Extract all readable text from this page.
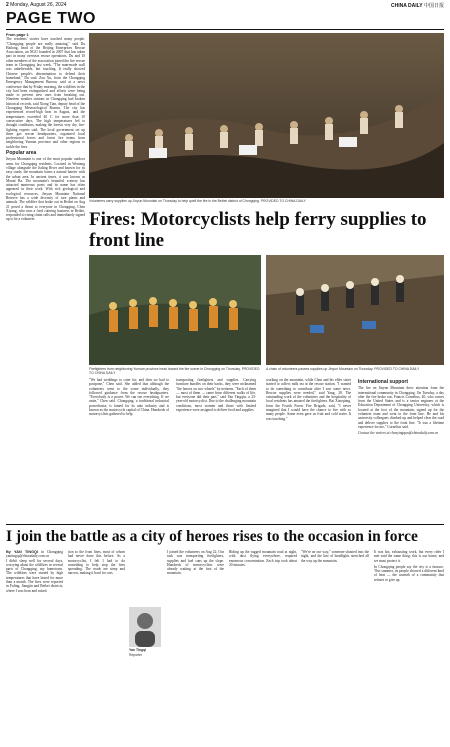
2 Monday, August 26, 2024	CHINA DAILY 中国日报
PAGE TWO
From page 1
The residents' stories have touched many people. "Chongqing people are really amazing," said Du Hailong, head of the Beijing Enterprises Rescue Association, an NGO founded in 2007 that has taken part in many overseas rescue operations. Du and 10 other members of the association joined the fire rescue team in Chongqing last week. "The man-made wall was unbelievable, but touching. It really showed Chinese people's determination to defend their homeland," Du said. Zou Xu, from the Chongqing Emergency Management Bureau, said at a news conference that by Friday morning, the wildfires in the city had been extinguished and efforts were being made to prevent new ones from breaking out. Nineteen weather stations in Chongqing had broken historical records, said Xiong Tian, deputy head of the Chongqing Meteorological Bureau. The city has experienced record-high heat in August, and the temperatures exceeded 40 C for more than 10 consecutive days. The high temperatures led to drought conditions, making the forests very dry, fire-fighting experts said. The local government set up three gas rescue headquarters, organized local professional forces and forest fire teams from neighboring Yunnan province and other regions to tackle the fires.
Popular area
Jinyun Mountain is one of the most popular outdoor areas for Chongqing residents. Located in Wentang village alongside the Jialing River and known for its easy roads, the mountain forms a natural barrier with the urban area. In ancient times, it was known as Mount Ba. The mountain's beautiful scenery has attracted numerous poets and its name has often appeared in their work. With rich geological and ecological resources, Jinyun Mountain National Reserve has a wide diversity of rare plants and animals. The wildfire that broke out in Beibei on Aug 21 posed a threat to everyone in Chongqing. Chen Xiyang, who runs a food catering business in Beibei, responded to rising chain calls and immediately signed up to be a volunteer.
Volunteers carry supplies up Jinyun Mountain on Thursday to help quell the fire in the Beibei district of Chongqing. PROVIDED TO CHINA DAILY
Fires: Motorcyclists help ferry supplies to front line
Firefighters from neighboring Yunnan province head toward the fire scene in Chongqing on Thursday. PROVIDED TO CHINA DAILY
A chain of volunteers passes supplies up Jinyun Mountain on Thursday. PROVIDED TO CHINA DAILY
"We had weddings to cater for, and then we had to postpone," Chen said. She added that although the volunteers went to the scene individually, they followed guidance from the rescue headquarters. "Everybody is a power. We can see everything. If we unite," Chen said. Chongqing, a traditional industrial powerhouse, is famed for its auto industry and is known as the motorcycle capital of China. Hundreds of motorcyclists gathered to help.
transporting firefighters and supplies. Carrying furniture bundles on their backs, they were nicknamed "the heroes on two wheels" by netizens. "Each of them — most of them — came from different walks of life, but everyone did their part," said Yan Tingqin, a 23-year-old motorcyclist. Due to the challenging mountain conditions, most women and those with limited experience were assigned to deliver food and supplies.
working on the mountain, while Chen and his elder sister started to collect milk tea at the rescue station. "I wanted to do something to contribute after I saw some news. Rescue supplies were needed," said Yang, 28. The outstanding work of the volunteers and the hospitality of local residents has amazed the firefighters. Bai Xiaoqiang, from the Fourth Forest Fire Brigade, said, "I never imagined that I would have the chance to live with so many people. Some even gave us fruit and cold water. It was touching."
International support
The fire on Jinyun Mountain drew attention from the international community in Chongqing. On Tuesday, a day after the fire broke out, Francis Cornelius, 40, who comes from the United States and is a senior engineer at the Education Department of Chongqing University, which is located at the foot of the mountain, signed up for the volunteer team and went to the front line. He and his university colleagues climbed up and helped clear the road and deliver supplies to the front line. "It was a lifetime experience for me," Cornelius said.
Contact the writers at chenyingqun@chinadaily.com.cn
I join the battle as a city of heroes rises to the occasion in force
By YAN TINGQI in Chongqing yantingqi@chinadaily.com.cn
I didn't sleep well for several days, worrying about the wildfires in several parts of Chongqing, my hometown. The wildfires were started by high temperatures that have lasted for more than a month. The fires were reported in Fuling, Jiangjin and Beibei districts, where I was born and raised.
tion to the front lines, most of whom had never done this before. As a motorcyclist, I felt I had to do something to help stop the fires spreading. The roads are steep and narrow, making it hard for cars.
Yan Tingqi
Reporter
I joined the volunteers on Aug 22. Our task was transporting firefighters, supplies and fuel cans up the slope. Hundreds of motorcyclists were already waiting at the foot of the mountain.
Riding up the rugged mountain road at night, with dust flying everywhere, required enormous concentration. Each trip took about 20 minutes.
"We're on our way," someone shouted into the night, and the line of headlights stretched all the way up the mountain.
It was hot, exhausting work, but every rider I met said the same thing: this is our home, and we must protect it.
In Chongqing people say the city is a furnace. This summer, its people showed a different kind of heat — the warmth of a community that refuses to give up.
